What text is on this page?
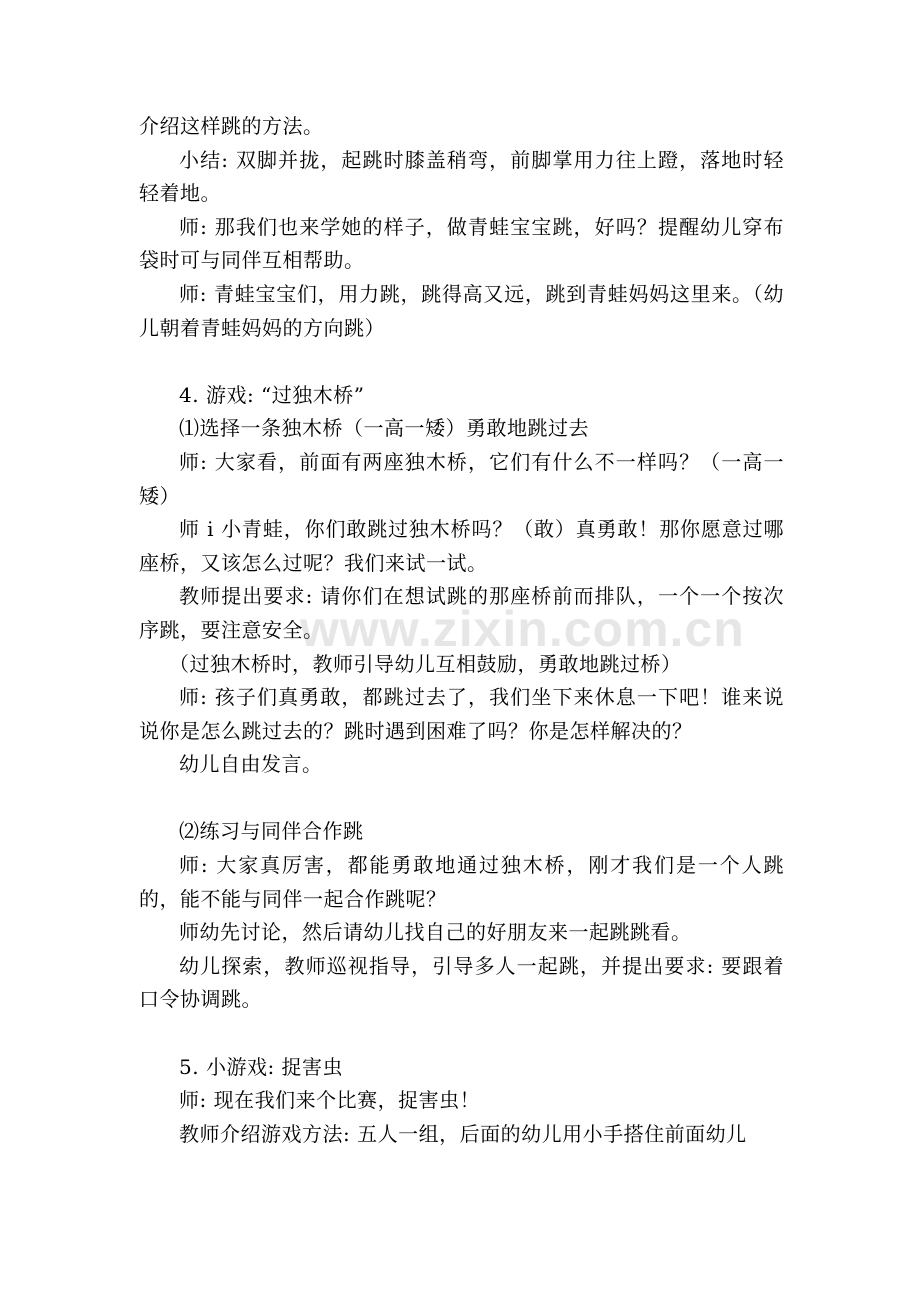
www.zixin.com.cn

介绍这样跳的方法。

小结: 双脚并拢，起跳时膝盖稍弯，前脚掌用力往上蹬，落地时轻轻着地。

师: 那我们也来学她的样子，做青蛙宝宝跳，好吗？提醒幼儿穿布袋时可与同伴互相帮助。

师: 青蛙宝宝们，用力跳，跳得高又远，跳到青蛙妈妈这里来。（幼儿朝着青蛙妈妈的方向跳）

4. 游戏: “过独木桥”

⑴选择一条独木桥（一高一矮）勇敢地跳过去

师: 大家看，前面有两座独木桥，它们有什么不一样吗？（一高一矮）

师 i 小青蛙，你们敢跳过独木桥吗？（敢）真勇敢！那你愿意过哪座桥，又该怎么过呢？我们来试一试。

教师提出要求: 请你们在想试跳的那座桥前而排队，一个一个按次序跳，要注意安全。

（过独木桥时，教师引导幼儿互相鼓励，勇敢地跳过桥）

师: 孩子们真勇敢，都跳过去了，我们坐下来休息一下吧！谁来说说你是怎么跳过去的？跳时遇到困难了吗？你是怎样解决的？

幼儿自由发言。

⑵练习与同伴合作跳

师: 大家真厉害，都能勇敢地通过独木桥，刚才我们是一个人跳的，能不能与同伴一起合作跳呢？

师幼先讨论，然后请幼儿找自己的好朋友来一起跳跳看。

幼儿探索，教师巡视指导，引导多人一起跳，并提出要求: 要跟着口令协调跳。

5. 小游戏: 捉害虫

师: 现在我们来个比赛，捉害虫！

教师介绍游戏方法: 五人一组，后面的幼儿用小手搭住前面幼儿
